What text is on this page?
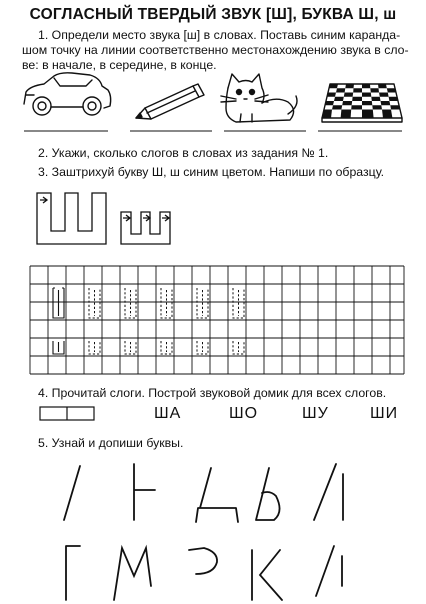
СОГЛАСНЫЙ ТВЕРДЫЙ ЗВУК [Ш], БУКВА Ш, ш
1. Определи место звука [ш] в словах. Поставь синим каранда-
шом точку на линии соответственно местонахождению звука в сло-
ве: в начале, в середине, в конце.
2. Укажи, сколько слогов в словах из задания № 1.
3. Заштрихуй букву Ш, ш синим цветом. Напиши по образцу.
4. Прочитай слоги. Построй звуковой домик для всех слогов.
ША	ШО	ШУ	ШИ
5. Узнай и допиши буквы.
